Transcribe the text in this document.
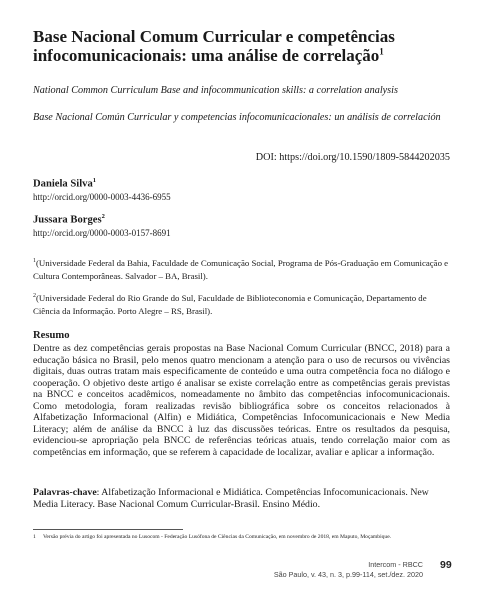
Base Nacional Comum Curricular e competências infocomunicacionais: uma análise de correlação$^1$

National Common Curriculum Base and infocommunication skills: a correlation analysis

Base Nacional Común Curricular y competencias infocomunicacionales: un análisis de correlación

DOI: https://doi.org/10.1590/1809-5844202035
Daniela Silva$^1$
http://orcid.org/0000-0003-4436-6955
Jussara Borges$^2$
http://orcid.org/0000-0003-0157-8691

$^1$(Universidade Federal da Bahia, Faculdade de Comunicação Social, Programa de Pós-Graduação em Comunicação e Cultura Contemporâneas. Salvador – BA, Brasil).

$^2$(Universidade Federal do Rio Grande do Sul, Faculdade de Biblioteconomia e Comunicação, Departamento de Ciência da Informação. Porto Alegre – RS, Brasil).

Resumo

Dentre as dez competências gerais propostas na Base Nacional Comum Curricular (BNCC, 2018) para a educação básica no Brasil, pelo menos quatro mencionam a atenção para o uso de recursos ou vivências digitais, duas outras tratam mais especificamente de conteúdo e uma outra competência foca no diálogo e cooperação. O objetivo deste artigo é analisar se existe correlação entre as competências gerais previstas na BNCC e conceitos acadêmicos, nomeadamente no âmbito das competências infocomunicacionais. Como metodologia, foram realizadas revisão bibliográfica sobre os conceitos relacionados à Alfabetização Informacional (Alfin) e Midiática, Competências Infocomunicacionais e New Media Literacy; além de análise da BNCC à luz das discussões teóricas. Entre os resultados da pesquisa, evidenciou-se apropriação pela BNCC de referências teóricas atuais, tendo correlação maior com as competências em informação, que se referem à capacidade de localizar, avaliar e aplicar a informação.

Palavras-chave: Alfabetização Informacional e Midiática. Competências Infocomunicacionais. New Media Literacy. Base Nacional Comum Curricular-Brasil. Ensino Médio.

1 Versão prévia do artigo foi apresentada no Lusocom - Federação Lusófona de Ciências da Comunicação, em novembro de 2018, em Maputo, Moçambique.

Intercom - RBCC
São Paulo, v. 43, n. 3, p.99-114, set./dez. 2020
99
